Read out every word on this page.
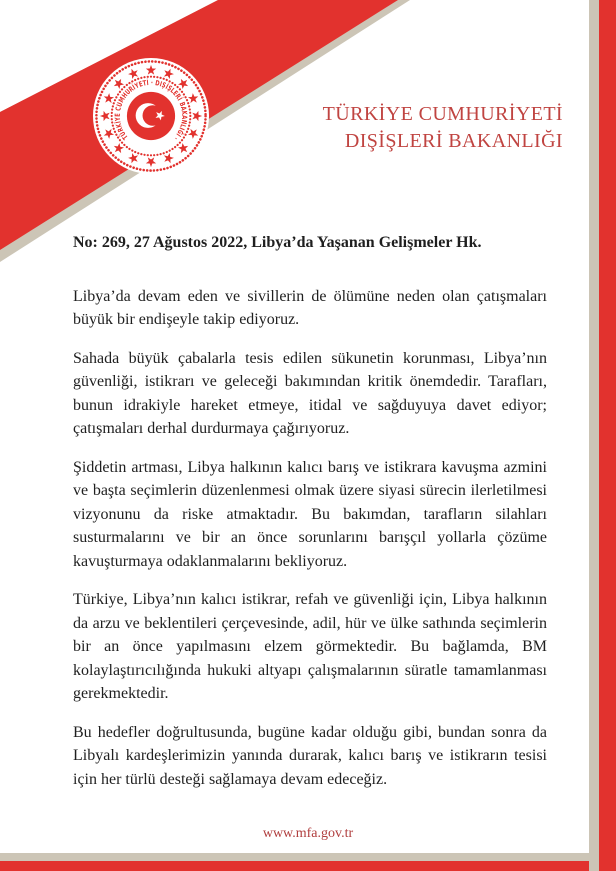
TÜRKİYE CUMHURİYETİ · DIŞİŞLERİ BAKANLIĞI ·
TÜRKİYE CUMHURİYETİ
DIŞİŞLERİ BAKANLIĞI
No: 269, 27 Ağustos 2022, Libya’da Yaşanan Gelişmeler Hk.

Libya’da devam eden ve sivillerin de ölümüne neden olan çatışmaları büyük bir endişeyle takip ediyoruz.

Sahada büyük çabalarla tesis edilen sükunetin korunması, Libya’nın güvenliği, istikrarı ve geleceği bakımından kritik önemdedir. Tarafları, bunun idrakiyle hareket etmeye, itidal ve sağduyuya davet ediyor; çatışmaları derhal durdurmaya çağırıyoruz.

Şiddetin artması, Libya halkının kalıcı barış ve istikrara kavuşma azmini ve başta seçimlerin düzenlenmesi olmak üzere siyasi sürecin ilerletilmesi vizyonunu da riske atmaktadır. Bu bakımdan, tarafların silahları susturmalarını ve bir an önce sorunlarını barışçıl yollarla çözüme kavuşturmaya odaklanmalarını bekliyoruz.

Türkiye, Libya’nın kalıcı istikrar, refah ve güvenliği için, Libya halkının da arzu ve beklentileri çerçevesinde, adil, hür ve ülke sathında seçimlerin bir an önce yapılmasını elzem görmektedir. Bu bağlamda, BM kolaylaştırıcılığında hukuki altyapı çalışmalarının süratle tamamlanması gerekmektedir.

Bu hedefler doğrultusunda, bugüne kadar olduğu gibi, bundan sonra da Libyalı kardeşlerimizin yanında durarak, kalıcı barış ve istikrarın tesisi için her türlü desteği sağlamaya devam edeceğiz.

www.mfa.gov.tr
